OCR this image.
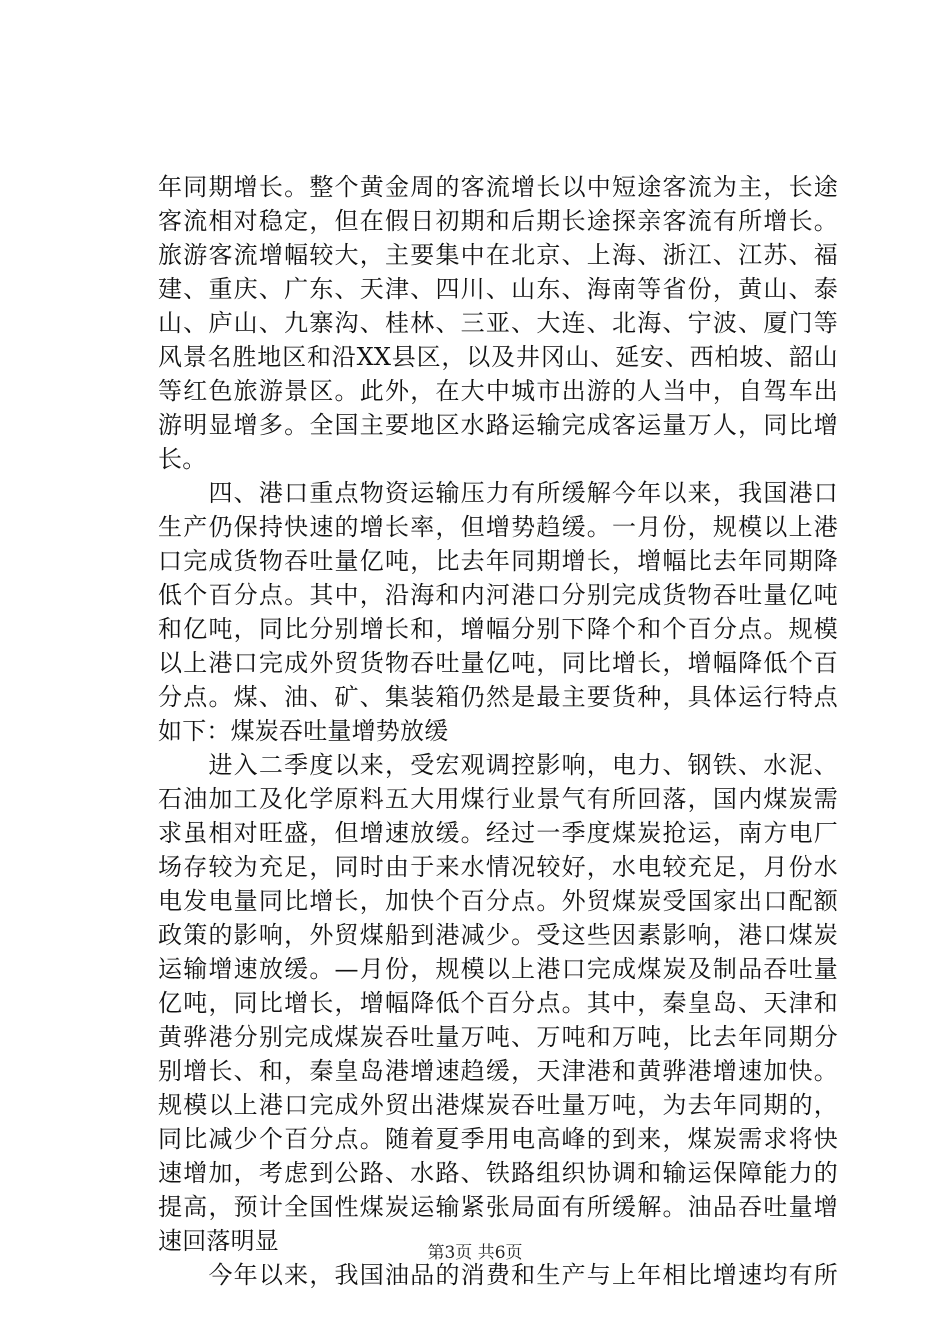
年同期增长。整个黄金周的客流增长以中短途客流为主，长途
客流相对稳定，但在假日初期和后期长途探亲客流有所增长。
旅游客流增幅较大，主要集中在北京、上海、浙江、江苏、福
建、重庆、广东、天津、四川、山东、海南等省份，黄山、泰
山、庐山、九寨沟、桂林、三亚、大连、北海、宁波、厦门等
风景名胜地区和沿XX县区，以及井冈山、延安、西柏坡、韶山
等红色旅游景区。此外，在大中城市出游的人当中，自驾车出
游明显增多。全国主要地区水路运输完成客运量万人，同比增
长。
　　四、港口重点物资运输压力有所缓解今年以来，我国港口
生产仍保持快速的增长率，但增势趋缓。一月份，规模以上港
口完成货物吞吐量亿吨，比去年同期增长，增幅比去年同期降
低个百分点。其中，沿海和内河港口分别完成货物吞吐量亿吨
和亿吨，同比分别增长和，增幅分别下降个和个百分点。规模
以上港口完成外贸货物吞吐量亿吨，同比增长，增幅降低个百
分点。煤、油、矿、集装箱仍然是最主要货种，具体运行特点
如下：煤炭吞吐量增势放缓
　　进入二季度以来，受宏观调控影响，电力、钢铁、水泥、
石油加工及化学原料五大用煤行业景气有所回落，国内煤炭需
求虽相对旺盛，但增速放缓。经过一季度煤炭抢运，南方电厂
场存较为充足，同时由于来水情况较好，水电较充足，月份水
电发电量同比增长，加快个百分点。外贸煤炭受国家出口配额
政策的影响，外贸煤船到港减少。受这些因素影响，港口煤炭
运输增速放缓。—月份，规模以上港口完成煤炭及制品吞吐量
亿吨，同比增长，增幅降低个百分点。其中，秦皇岛、天津和
黄骅港分别完成煤炭吞吐量万吨、万吨和万吨，比去年同期分
别增长、和，秦皇岛港增速趋缓，天津港和黄骅港增速加快。
规模以上港口完成外贸出港煤炭吞吐量万吨，为去年同期的，
同比减少个百分点。随着夏季用电高峰的到来，煤炭需求将快
速增加，考虑到公路、水路、铁路组织协调和输运保障能力的
提高，预计全国性煤炭运输紧张局面有所缓解。油品吞吐量增
速回落明显
　　今年以来，我国油品的消费和生产与上年相比增速均有所
第3页 共6页
